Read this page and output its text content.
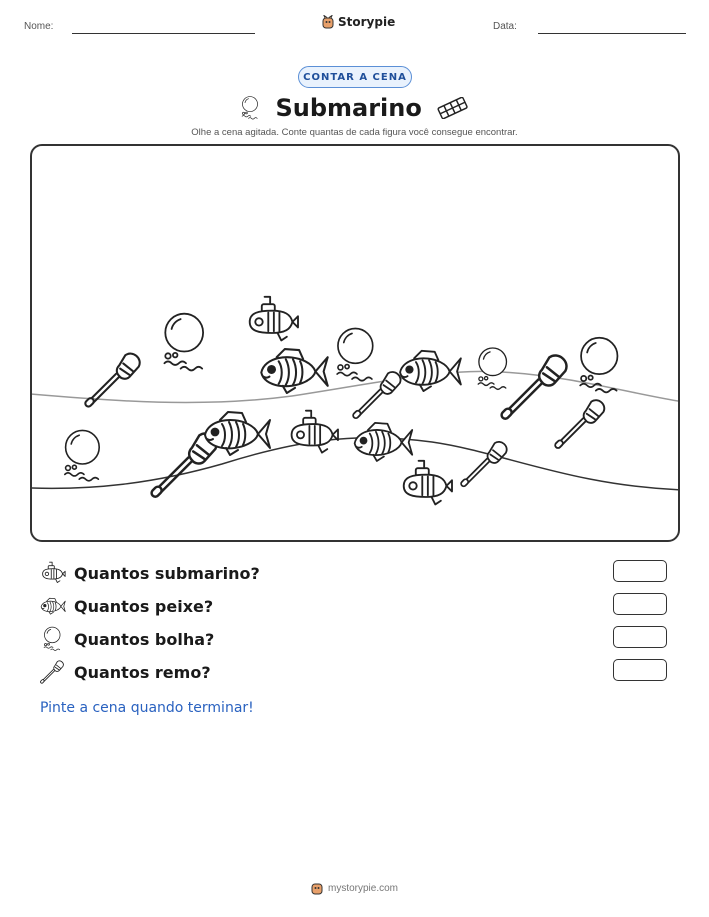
Nome:	Storypie	Data:
CONTAR A CENA
Submarino
Olhe a cena agitada. Conte quantas de cada figura você consegue encontrar.
Quantos submarino?
Quantos peixe?
Quantos bolha?
Quantos remo?
Pinte a cena quando terminar!
mystorypie.com
